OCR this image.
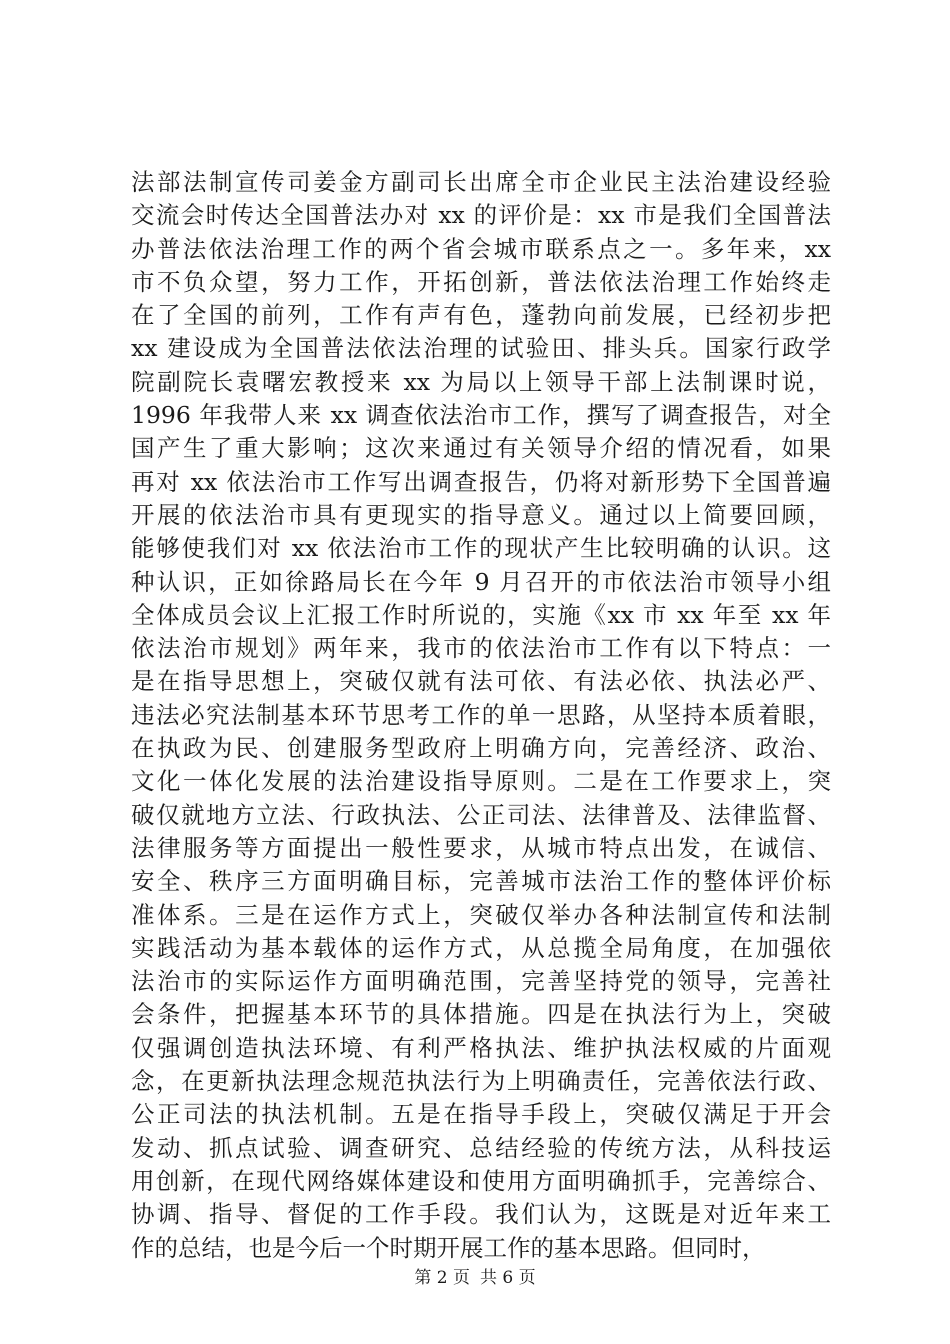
法部法制宣传司姜金方副司长出席全市企业民主法治建设经验
交流会时传达全国普法办对 xx 的评价是：xx 市是我们全国普法
办普法依法治理工作的两个省会城市联系点之一。多年来，xx
市不负众望，努力工作，开拓创新，普法依法治理工作始终走
在了全国的前列，工作有声有色，蓬勃向前发展，已经初步把
xx 建设成为全国普法依法治理的试验田、排头兵。国家行政学
院副院长袁曙宏教授来 xx 为局以上领导干部上法制课时说，
1996 年我带人来 xx 调查依法治市工作，撰写了调查报告，对全
国产生了重大影响；这次来通过有关领导介绍的情况看，如果
再对 xx 依法治市工作写出调查报告，仍将对新形势下全国普遍
开展的依法治市具有更现实的指导意义。通过以上简要回顾，
能够使我们对 xx 依法治市工作的现状产生比较明确的认识。这
种认识，正如徐路局长在今年 9 月召开的市依法治市领导小组
全体成员会议上汇报工作时所说的，实施《xx 市 xx 年至 xx 年
依法治市规划》两年来，我市的依法治市工作有以下特点：一
是在指导思想上，突破仅就有法可依、有法必依、执法必严、
违法必究法制基本环节思考工作的单一思路，从坚持本质着眼，
在执政为民、创建服务型政府上明确方向，完善经济、政治、
文化一体化发展的法治建设指导原则。二是在工作要求上，突
破仅就地方立法、行政执法、公正司法、法律普及、法律监督、
法律服务等方面提出一般性要求，从城市特点出发，在诚信、
安全、秩序三方面明确目标，完善城市法治工作的整体评价标
准体系。三是在运作方式上，突破仅举办各种法制宣传和法制
实践活动为基本载体的运作方式，从总揽全局角度，在加强依
法治市的实际运作方面明确范围，完善坚持党的领导，完善社
会条件，把握基本环节的具体措施。四是在执法行为上，突破
仅强调创造执法环境、有利严格执法、维护执法权威的片面观
念，在更新执法理念规范执法行为上明确责任，完善依法行政、
公正司法的执法机制。五是在指导手段上，突破仅满足于开会
发动、抓点试验、调查研究、总结经验的传统方法，从科技运
用创新，在现代网络媒体建设和使用方面明确抓手，完善综合、
协调、指导、督促的工作手段。我们认为，这既是对近年来工
作的总结，也是今后一个时期开展工作的基本思路。但同时，
第 2 页 共 6 页
